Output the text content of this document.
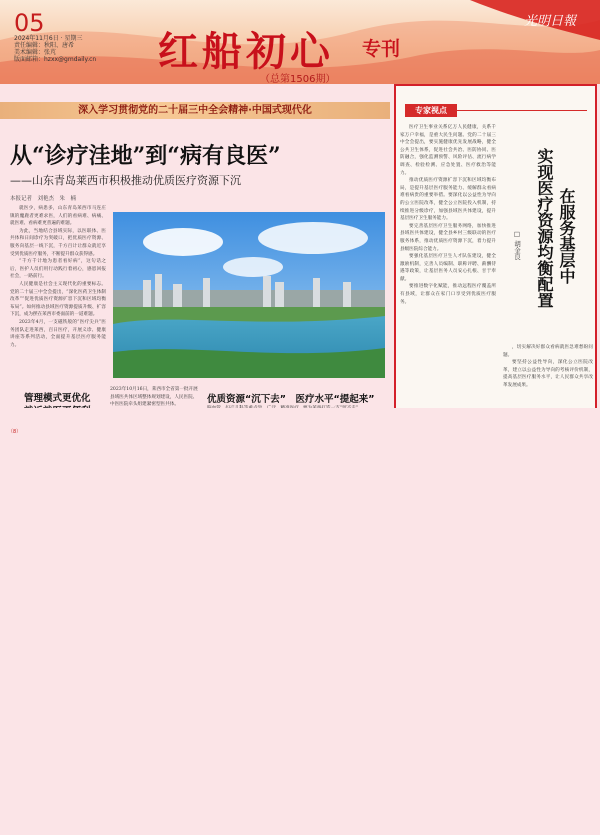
05
2024年11月6日 · 星期三
责任编辑：秋阳、唐希
美术编辑：张芃
版面邮箱：hzxx@gmdaily.cn 红船初心 专刊
光明日報
（总第1506期）
深入学习贯彻党的二十届三中全会精神·中国式现代化
从“诊疗洼地”到“病有良医”
——山东青岛莱西市积极推动优质医疗资源下沉
本报记者　刘艳杰　朱　楠

就医少，病患多，山东青岛莱西市马连庄镇的魔鹿者更难求医，人们的看病难、病痛、就医难、看病难更普遍的难题。

为此，当地结合县域实际，以医联体、医共体和日间诊疗为突破口，把优质医疗资源、服务向基层一线下沉，千方百计让群众就近享受到优质医疗服务，不断提升群众获得感。

“千方千计地为患者看好病”，这句话之后，医护人员们用行动践行着初心，感恩回报社会，一路前行。

人民健康是社会主义现代化的重要标志。党的二十届三中全会提出，“深化医药卫生体制改革”“促进优质医疗资源扩容下沉和区域均衡布局”。如何推动县域医疗资源提质升级、扩容下沉，成为摆在莱西市委面前的一道难题。

2023年4月，一支磁铁般的“医疗尖兵”医务团队走进莱西，百日医疗，开展义诊、健康讲座等系列活动，全面提升基层医疗服务能力。

管理模式更优化

2023年10月16日，莱西市全省第一批开展县域医共体区域整体规划建设，人民医院、中医医院牵头组建紧密型医共体。	优质资源“沉下去”　医疗水平“提起来”
专家视点

医疗卫生事业关系亿万人民健康，关系千家万户幸福，是重大民生问题。党的二十届三中全会提出，要实施健康优先发展战略，健全公共卫生体系，促进社会共治、医防协同、医防融合，强化监测预警、风险评估、流行病学调查、检验检测、应急处置、医疗救治等能力。

推动优质医疗资源扩容下沉和区域均衡布局，是提升基层医疗服务能力、缓解群众看病难看病贵的重要举措。要深化以公益性为导向的公立医院改革，健全公立医院投入机制，持续推进分级诊疗，加强县域医共体建设，提升基层医疗卫生服务能力。

要完善基层医疗卫生服务网络，加快推进县域医共体建设，健全县乡村三级联动的医疗服务体系，推动优质医疗资源下沉，着力提升县级医院综合能力。

要强化基层医疗卫生人才队伍建设，健全激励机制，完善人员编制、职称评聘、薪酬待遇等政策，让基层医务人员安心扎根、甘于奉献。

要推进数字化赋能，推动远程医疗覆盖所有县域，让群众在家门口享受到优质医疗服务。	实现医疗资源均衡配置 在服务基层中
□ 胡金良

，切实解决好群众看病就医急难愁盼问题。

要坚持公益性导向，深化公立医院改革，建立以公益性为导向的考核评价机制，提高基层医疗服务水平，让人民群众共享改革发展成果。

（8）
